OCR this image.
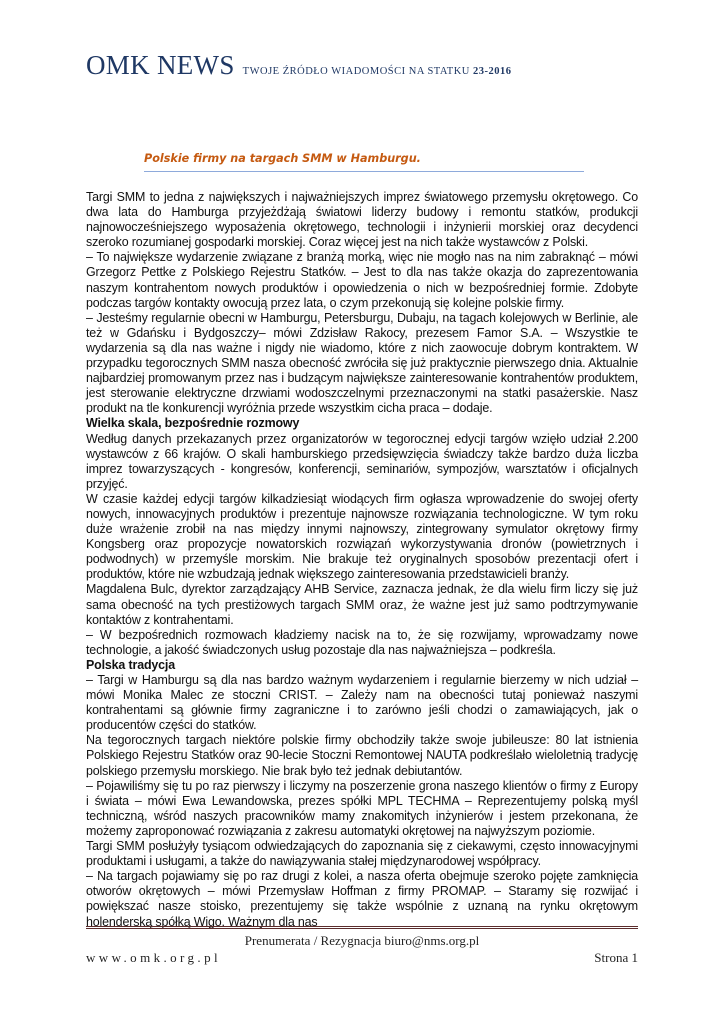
OMK NEWS TWOJE ŹRÓDŁO WIADOMOŚCI NA STATKU 23-2016
Polskie firmy na targach SMM w Hamburgu.

Targi SMM to jedna z największych i najważniejszych imprez światowego przemysłu okrętowego. Co dwa lata do Hamburga przyjeżdżają światowi liderzy budowy i remontu statków, produkcji najnowocześniejszego wyposażenia okrętowego, technologii i inżynierii morskiej oraz decydenci szeroko rozumianej gospodarki morskiej. Coraz więcej jest na nich także wystawców z Polski.

– To największe wydarzenie związane z branżą morką, więc nie mogło nas na nim zabraknąć – mówi Grzegorz Pettke z Polskiego Rejestru Statków. – Jest to dla nas także okazja do zaprezentowania naszym kontrahentom nowych produktów i opowiedzenia o nich w bezpośredniej formie. Zdobyte podczas targów kontakty owocują przez lata, o czym przekonują się kolejne polskie firmy.

– Jesteśmy regularnie obecni w Hamburgu, Petersburgu, Dubaju, na tagach kolejowych w Berlinie, ale też w Gdańsku i Bydgoszczy– mówi Zdzisław Rakocy, prezesem Famor S.A. – Wszystkie te wydarzenia są dla nas ważne i nigdy nie wiadomo, które z nich zaowocuje dobrym kontraktem. W przypadku tegorocznych SMM nasza obecność zwróciła się już praktycznie pierwszego dnia. Aktualnie najbardziej promowanym przez nas i budzącym największe zainteresowanie kontrahentów produktem, jest sterowanie elektryczne drzwiami wodoszczelnymi przeznaczonymi na statki pasażerskie. Nasz produkt na tle konkurencji wyróżnia przede wszystkim cicha praca – dodaje.

Wielka skala, bezpośrednie rozmowy

Według danych przekazanych przez organizatorów w tegorocznej edycji targów wzięło udział 2.200 wystawców z 66 krajów. O skali hamburskiego przedsięwzięcia świadczy także bardzo duża liczba imprez towarzyszących - kongresów, konferencji, seminariów, sympozjów, warsztatów i oficjalnych przyjęć.

W czasie każdej edycji targów kilkadziesiąt wiodących firm ogłasza wprowadzenie do swojej oferty nowych, innowacyjnych produktów i prezentuje najnowsze rozwiązania technologiczne. W tym roku duże wrażenie zrobił na nas między innymi najnowszy, zintegrowany symulator okrętowy firmy Kongsberg oraz propozycje nowatorskich rozwiązań wykorzystywania dronów (powietrznych i podwodnych) w przemyśle morskim. Nie brakuje też oryginalnych sposobów prezentacji ofert i produktów, które nie wzbudzają jednak większego zainteresowania przedstawicieli branży.

Magdalena Bulc, dyrektor zarządzający AHB Service, zaznacza jednak, że dla wielu firm liczy się już sama obecność na tych prestiżowych targach SMM oraz, że ważne jest już samo podtrzymywanie kontaktów z kontrahentami.

– W bezpośrednich rozmowach kładziemy nacisk na to, że się rozwijamy, wprowadzamy nowe technologie, a jakość świadczonych usług pozostaje dla nas najważniejsza – podkreśla.

Polska tradycja

– Targi w Hamburgu są dla nas bardzo ważnym wydarzeniem i regularnie bierzemy w nich udział – mówi Monika Malec ze stoczni CRIST. – Zależy nam na obecności tutaj ponieważ naszymi kontrahentami są głównie firmy zagraniczne i to zarówno jeśli chodzi o zamawiających, jak o producentów części do statków.

Na tegorocznych targach niektóre polskie firmy obchodziły także swoje jubileusze: 80 lat istnienia Polskiego Rejestru Statków oraz 90-lecie Stoczni Remontowej NAUTA podkreślało wieloletnią tradycję polskiego przemysłu morskiego. Nie brak było też jednak debiutantów.

– Pojawiliśmy się tu po raz pierwszy i liczymy na poszerzenie grona naszego klientów o firmy z Europy i świata – mówi Ewa Lewandowska, prezes spółki MPL TECHMA – Reprezentujemy polską myśl techniczną, wśród naszych pracowników mamy znakomitych inżynierów i jestem przekonana, że możemy zaproponować rozwiązania z zakresu automatyki okrętowej na najwyższym poziomie.

Targi SMM posłużyły tysiącom odwiedzających do zapoznania się z ciekawymi, często innowacyjnymi produktami i usługami, a także do nawiązywania stałej międzynarodowej współpracy.

– Na targach pojawiamy się po raz drugi z kolei, a nasza oferta obejmuje szeroko pojęte zamknięcia otworów okrętowych – mówi Przemysław Hoffman z firmy PROMAP. – Staramy się rozwijać i powiększać nasze stoisko, prezentujemy się także wspólnie z uznaną na rynku okrętowym holenderską spółką Wigo. Ważnym dla nas

Prenumerata / Rezygnacja biuro@nms.org.pl
www.omk.org.pl	Strona 1
